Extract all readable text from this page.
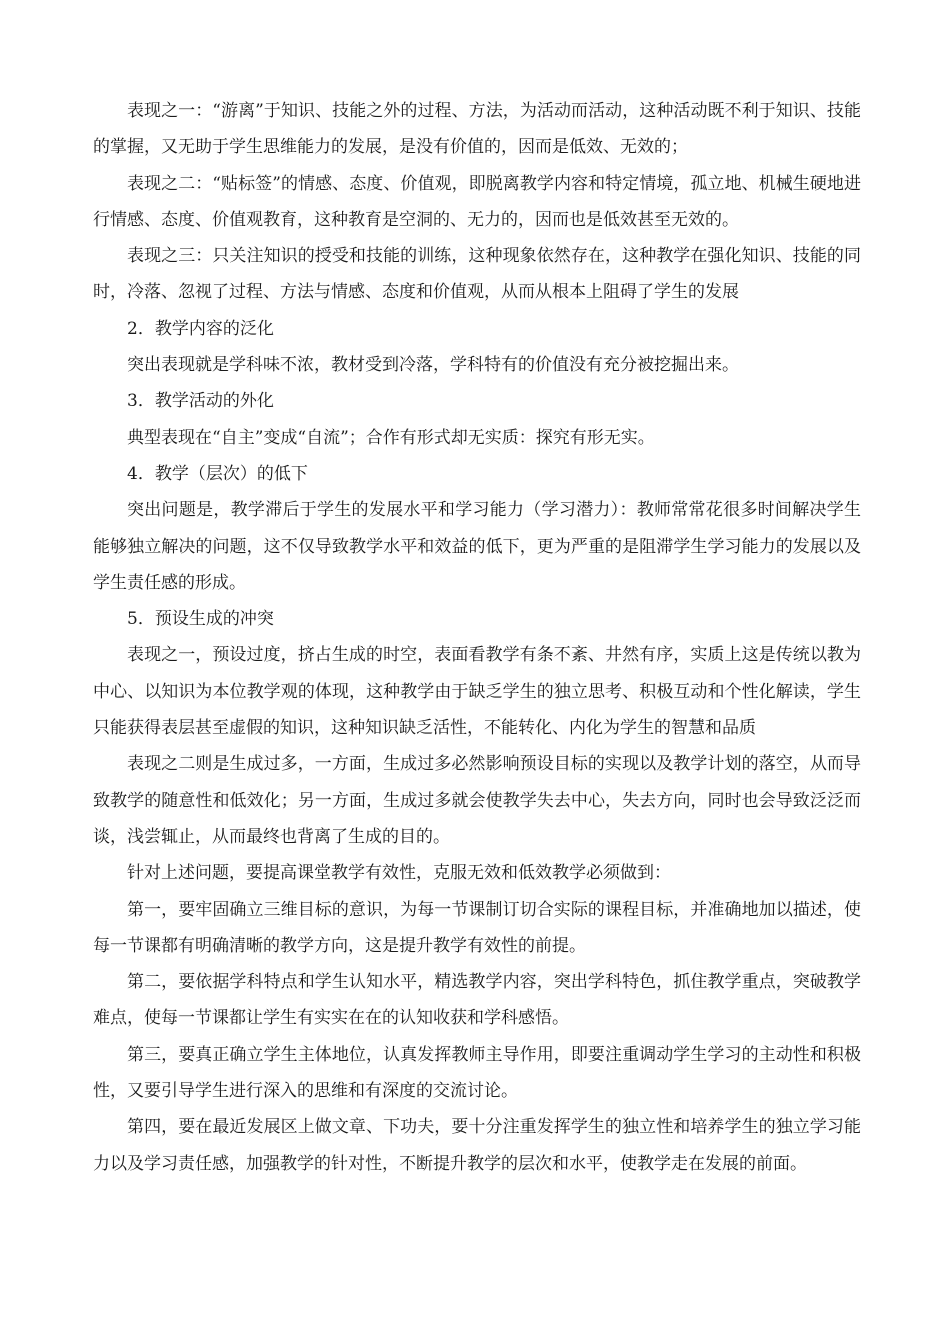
表现之一：“游离”于知识、技能之外的过程、方法，为活动而活动，这种活动既不利于知识、技能的掌握，又无助于学生思维能力的发展，是没有价值的，因而是低效、无效的；

表现之二：“贴标签”的情感、态度、价值观，即脱离教学内容和特定情境，孤立地、机械生硬地进行情感、态度、价值观教育，这种教育是空洞的、无力的，因而也是低效甚至无效的。

表现之三：只关注知识的授受和技能的训练，这种现象依然存在，这种教学在强化知识、技能的同时，冷落、忽视了过程、方法与情感、态度和价值观，从而从根本上阻碍了学生的发展

2．教学内容的泛化

突出表现就是学科味不浓，教材受到冷落，学科特有的价值没有充分被挖掘出来。

3．教学活动的外化

典型表现在“自主”变成“自流”；合作有形式却无实质：探究有形无实。

4．教学（层次）的低下

突出问题是，教学滞后于学生的发展水平和学习能力（学习潜力）：教师常常花很多时间解决学生能够独立解决的问题，这不仅导致教学水平和效益的低下，更为严重的是阻滞学生学习能力的发展以及学生责任感的形成。

5．预设生成的冲突

表现之一，预设过度，挤占生成的时空，表面看教学有条不紊、井然有序，实质上这是传统以教为中心、以知识为本位教学观的体现，这种教学由于缺乏学生的独立思考、积极互动和个性化解读，学生只能获得表层甚至虚假的知识，这种知识缺乏活性，不能转化、内化为学生的智慧和品质

表现之二则是生成过多，一方面，生成过多必然影响预设目标的实现以及教学计划的落空，从而导致教学的随意性和低效化；另一方面，生成过多就会使教学失去中心，失去方向，同时也会导致泛泛而谈，浅尝辄止，从而最终也背离了生成的目的。

针对上述问题，要提高课堂教学有效性，克服无效和低效教学必须做到：

第一，要牢固确立三维目标的意识，为每一节课制订切合实际的课程目标，并准确地加以描述，使每一节课都有明确清晰的教学方向，这是提升教学有效性的前提。

第二，要依据学科特点和学生认知水平，精选教学内容，突出学科特色，抓住教学重点，突破教学难点，使每一节课都让学生有实实在在的认知收获和学科感悟。

第三，要真正确立学生主体地位，认真发挥教师主导作用，即要注重调动学生学习的主动性和积极性，又要引导学生进行深入的思维和有深度的交流讨论。

第四，要在最近发展区上做文章、下功夫，要十分注重发挥学生的独立性和培养学生的独立学习能力以及学习责任感，加强教学的针对性，不断提升教学的层次和水平，使教学走在发展的前面。
